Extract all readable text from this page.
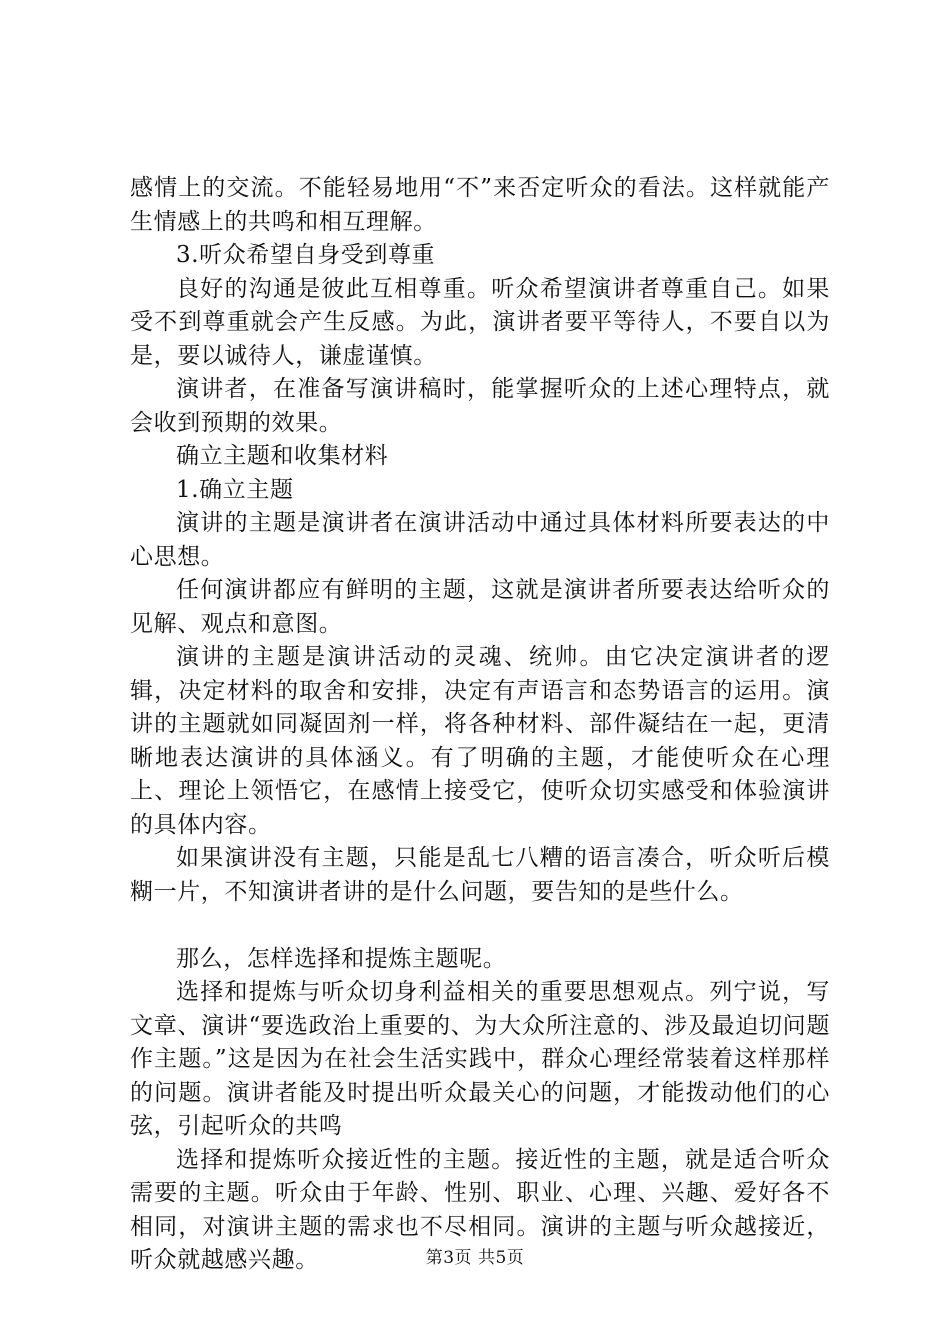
感情上的交流。不能轻易地用“不”来否定听众的看法。这样就能产生情感上的共鸣和相互理解。

3.听众希望自身受到尊重

良好的沟通是彼此互相尊重。听众希望演讲者尊重自己。如果受不到尊重就会产生反感。为此，演讲者要平等待人，不要自以为是，要以诚待人，谦虚谨慎。

演讲者，在准备写演讲稿时，能掌握听众的上述心理特点，就会收到预期的效果。

确立主题和收集材料

1.确立主题

演讲的主题是演讲者在演讲活动中通过具体材料所要表达的中心思想。

任何演讲都应有鲜明的主题，这就是演讲者所要表达给听众的见解、观点和意图。

演讲的主题是演讲活动的灵魂、统帅。由它决定演讲者的逻辑，决定材料的取舍和安排，决定有声语言和态势语言的运用。演讲的主题就如同凝固剂一样，将各种材料、部件凝结在一起，更清晰地表达演讲的具体涵义。有了明确的主题，才能使听众在心理上、理论上领悟它，在感情上接受它，使听众切实感受和体验演讲的具体内容。

如果演讲没有主题，只能是乱七八糟的语言凑合，听众听后模糊一片，不知演讲者讲的是什么问题，要告知的是些什么。

那么，怎样选择和提炼主题呢。

选择和提炼与听众切身利益相关的重要思想观点。列宁说，写文章、演讲“要选政治上重要的、为大众所注意的、涉及最迫切问题作主题。”这是因为在社会生活实践中，群众心理经常装着这样那样的问题。演讲者能及时提出听众最关心的问题，才能拨动他们的心弦，引起听众的共鸣

选择和提炼听众接近性的主题。接近性的主题，就是适合听众需要的主题。听众由于年龄、性别、职业、心理、兴趣、爱好各不相同，对演讲主题的需求也不尽相同。演讲的主题与听众越接近，听众就越感兴趣。	第3页 共5页
